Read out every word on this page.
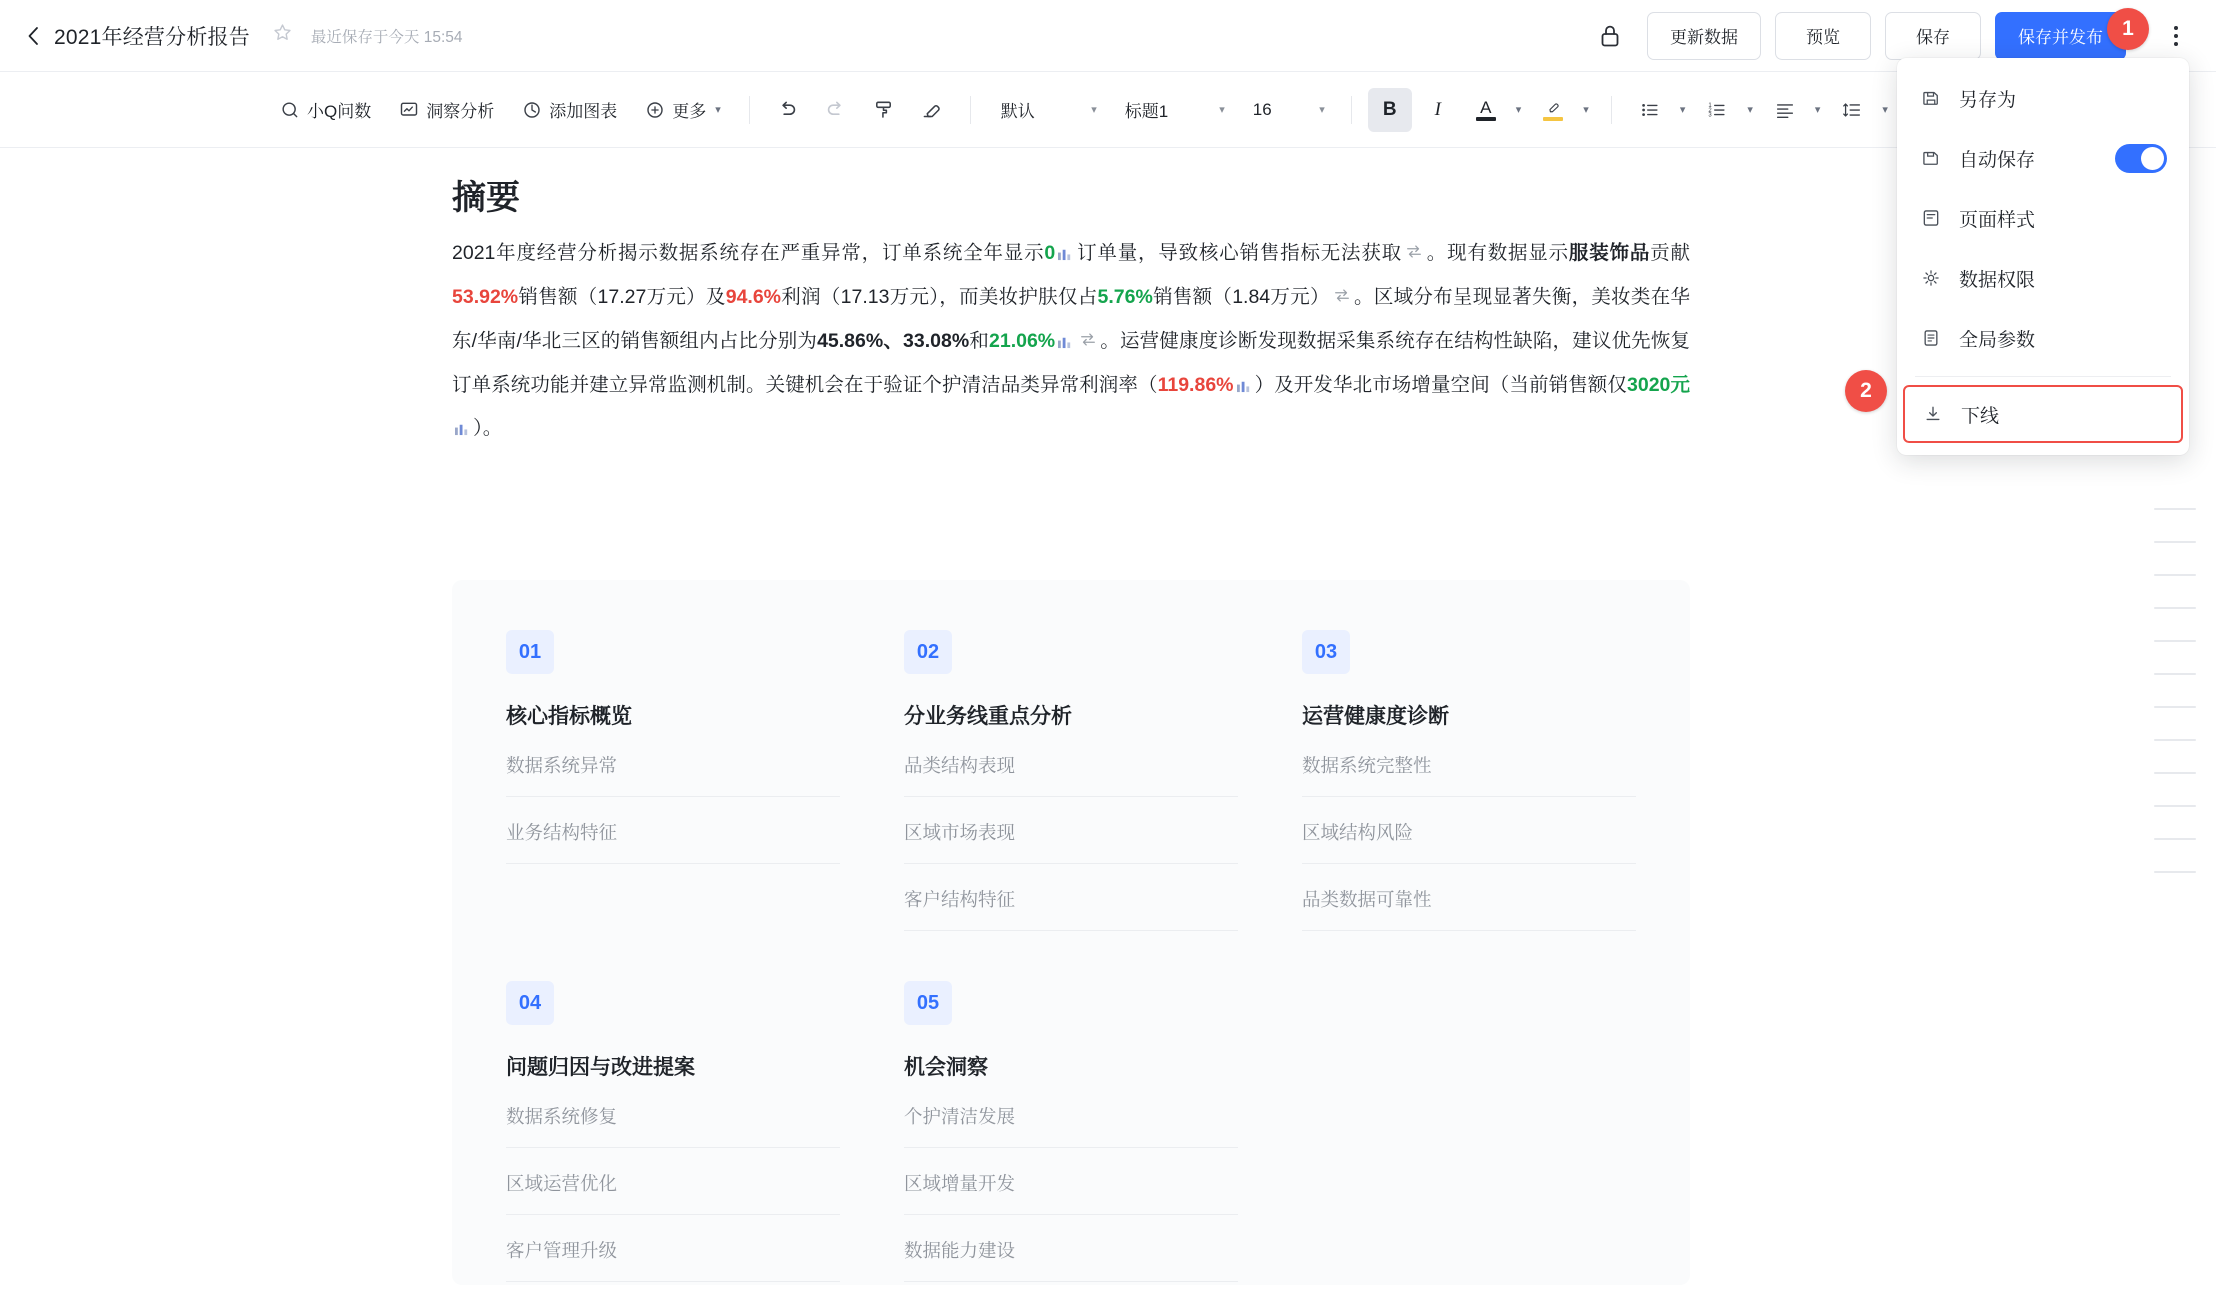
2021年经营分析报告	最近保存于今天 15:54	更新数据	预览	保存	保存并发布
小Q问数	洞察分析	添加图表	更多 ▾	默认	▾ 标题1	▾ 16	▾	B	I	A	▾	▾	▾	1
2
3	▾	▾	▾
摘要
2021年度经营分析揭示数据系统存在严重异常，订单系统全年显示0 订单量，导致核心销售指标无法获取 。现有数据显示服装饰品贡献53.92%销售额（17.27万元）及94.6%利润（17.13万元），而美妆护肤仅占5.76%销售额（1.84万元） 。区域分布呈现显著失衡，美妆类在华东/华南/华北三区的销售额组内占比分别为45.86%、33.08%和21.06% 。运营健康度诊断发现数据采集系统存在结构性缺陷，建议优先恢复订单系统功能并建立异常监测机制。关键机会在于验证个护清洁品类异常利润率（119.86% ）及开发华北市场增量空间（当前销售额仅3020元）。
01
核心指标概览
数据系统异常
业务结构特征
02
分业务线重点分析
品类结构表现
区域市场表现
客户结构特征
03
运营健康度诊断
数据系统完整性
区域结构风险
品类数据可靠性
04
问题归因与改进提案
数据系统修复
区域运营优化
客户管理升级
05
机会洞察
个护清洁发展
区域增量开发
数据能力建设
另存为
自动保存
页面样式
数据权限
全局参数
下线
1
2
